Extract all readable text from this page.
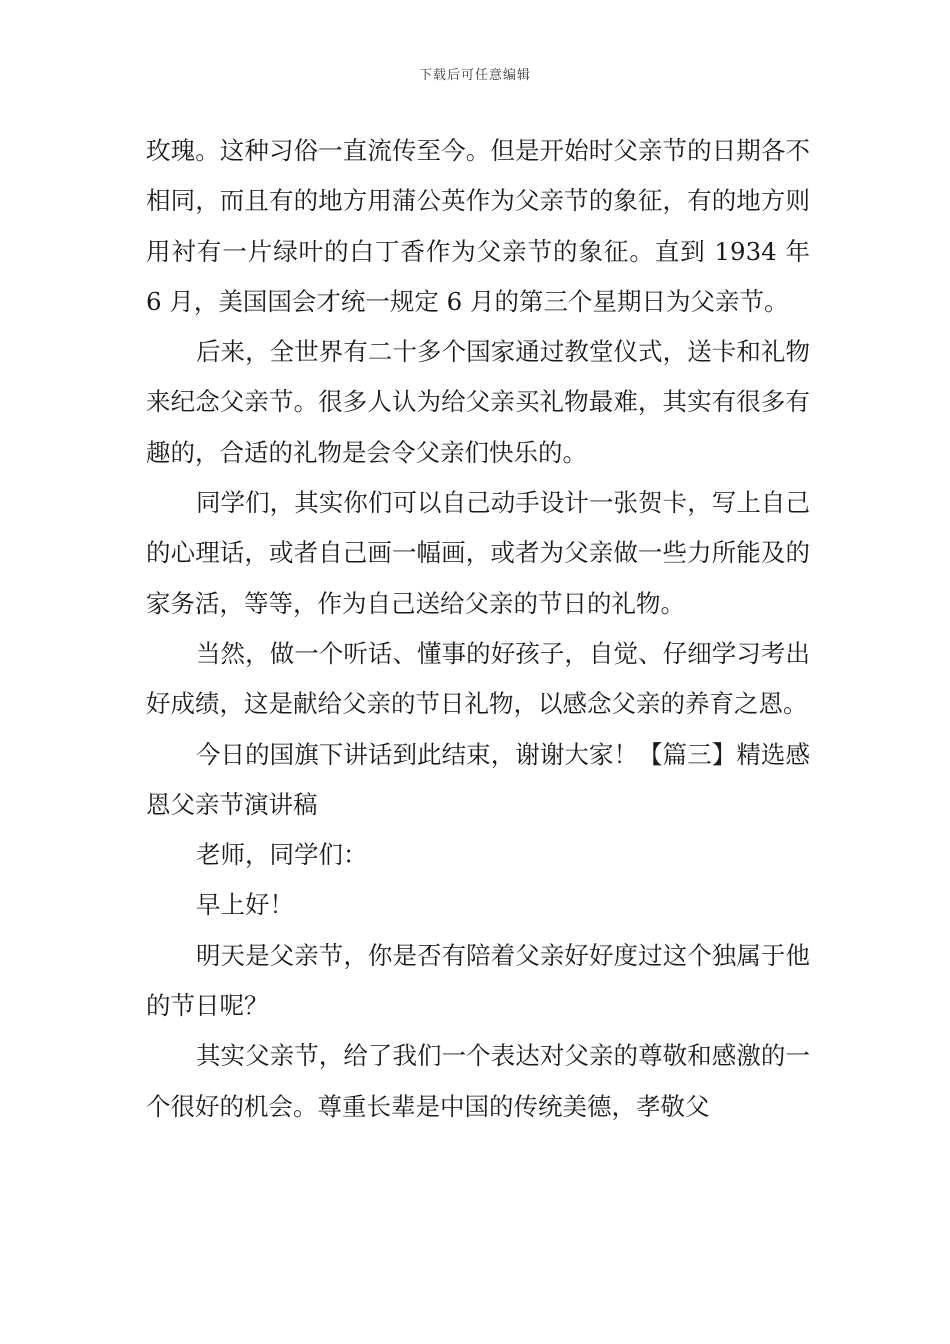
下载后可任意编辑

玫瑰。这种习俗一直流传至今。但是开始时父亲节的日期各不相同，而且有的地方用蒲公英作为父亲节的象征，有的地方则用衬有一片绿叶的白丁香作为父亲节的象征。直到 1934 年 6 月，美国国会才统一规定 6 月的第三个星期日为父亲节。

后来，全世界有二十多个国家通过教堂仪式，送卡和礼物来纪念父亲节。很多人认为给父亲买礼物最难，其实有很多有趣的，合适的礼物是会令父亲们快乐的。

同学们，其实你们可以自己动手设计一张贺卡，写上自己的心理话，或者自己画一幅画，或者为父亲做一些力所能及的家务活，等等，作为自己送给父亲的节日的礼物。

当然，做一个听话、懂事的好孩子，自觉、仔细学习考出好成绩，这是献给父亲的节日礼物，以感念父亲的养育之恩。

今日的国旗下讲话到此结束，谢谢大家！【篇三】精选感恩父亲节演讲稿

老师，同学们：

早上好！

明天是父亲节，你是否有陪着父亲好好度过这个独属于他的节日呢？

其实父亲节，给了我们一个表达对父亲的尊敬和感激的一个很好的机会。尊重长辈是中国的传统美德，孝敬父
